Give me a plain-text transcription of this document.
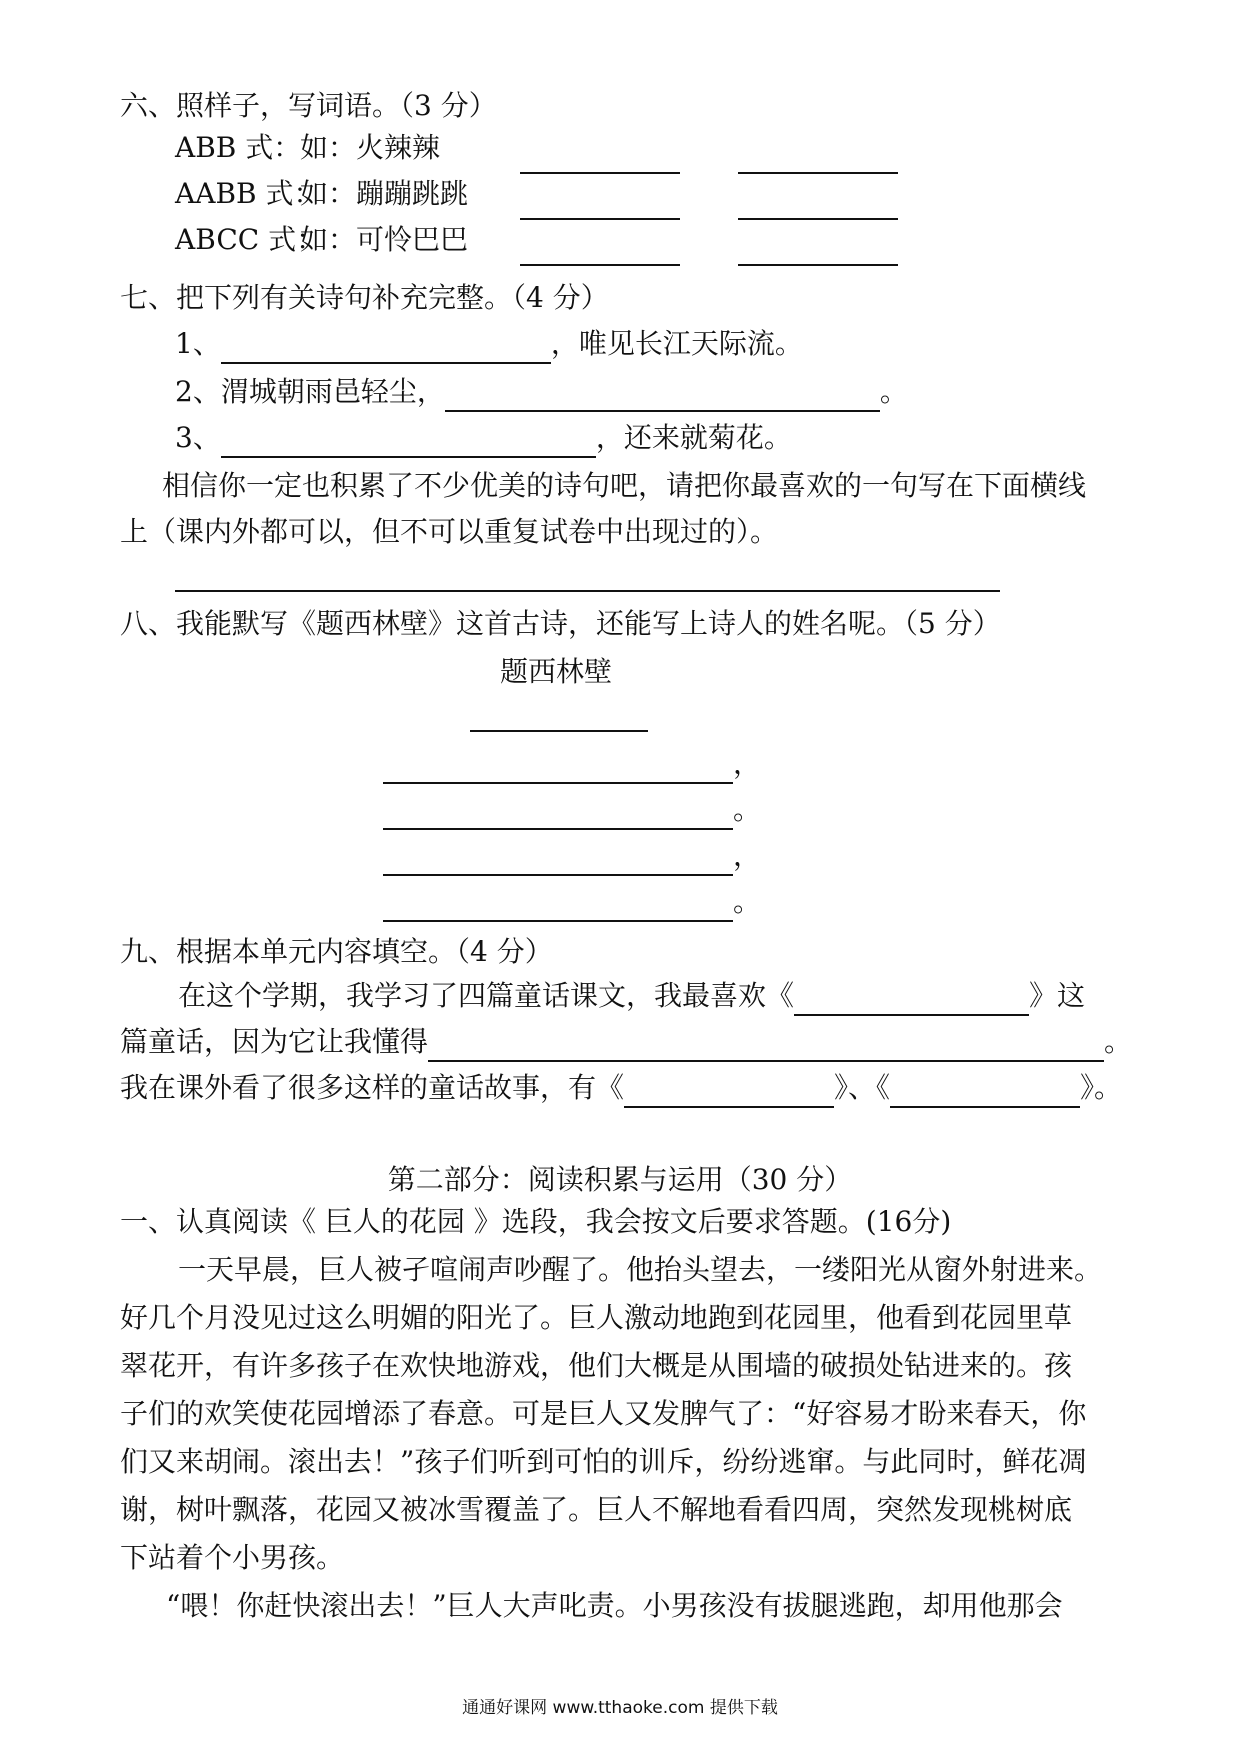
六、照样子，写词语。（3 分）
ABB 式：如：火辣辣
AABB 式：如：蹦蹦跳跳
ABCC 式：如：可怜巴巴
七、把下列有关诗句补充完整。（4 分）
1、	，唯见长江天际流。
2、渭城朝雨邑轻尘，	。
3、	，还来就菊花。
相信你一定也积累了不少优美的诗句吧，请把你最喜欢的一句写在下面横线
上（课内外都可以，但不可以重复试卷中出现过的）。
八、我能默写《题西林壁》这首古诗，还能写上诗人的姓名呢。（5 分）
题西林壁
，
。
，
。
九、根据本单元内容填空。（4 分）
在这个学期，我学习了四篇童话课文，我最喜欢《	》这
篇童话，因为它让我懂得	。
我在课外看了很多这样的童话故事，有《	》、《	》。
第二部分：阅读积累与运用（30 分）
一、认真阅读《 巨人的花园 》选段，我会按文后要求答题。(16分)
一天早晨，巨人被孑喧闹声吵醒了。他抬头望去，一缕阳光从窗外射进来。
好几个月没见过这么明媚的阳光了。巨人激动地跑到花园里，他看到花园里草
翠花开，有许多孩子在欢快地游戏，他们大概是从围墙的破损处钻进来的。孩
子们的欢笑使花园增添了春意。可是巨人又发脾气了：“好容易才盼来春天，你
们又来胡闹。滚出去！”孩子们听到可怕的训斥，纷纷逃窜。与此同时，鲜花凋
谢，树叶飘落，花园又被冰雪覆盖了。巨人不解地看看四周，突然发现桃树底
下站着个小男孩。
“喂！你赶快滚出去！”巨人大声叱责。小男孩没有拔腿逃跑，却用他那会
通通好课网 www.tthaoke.com 提供下载
